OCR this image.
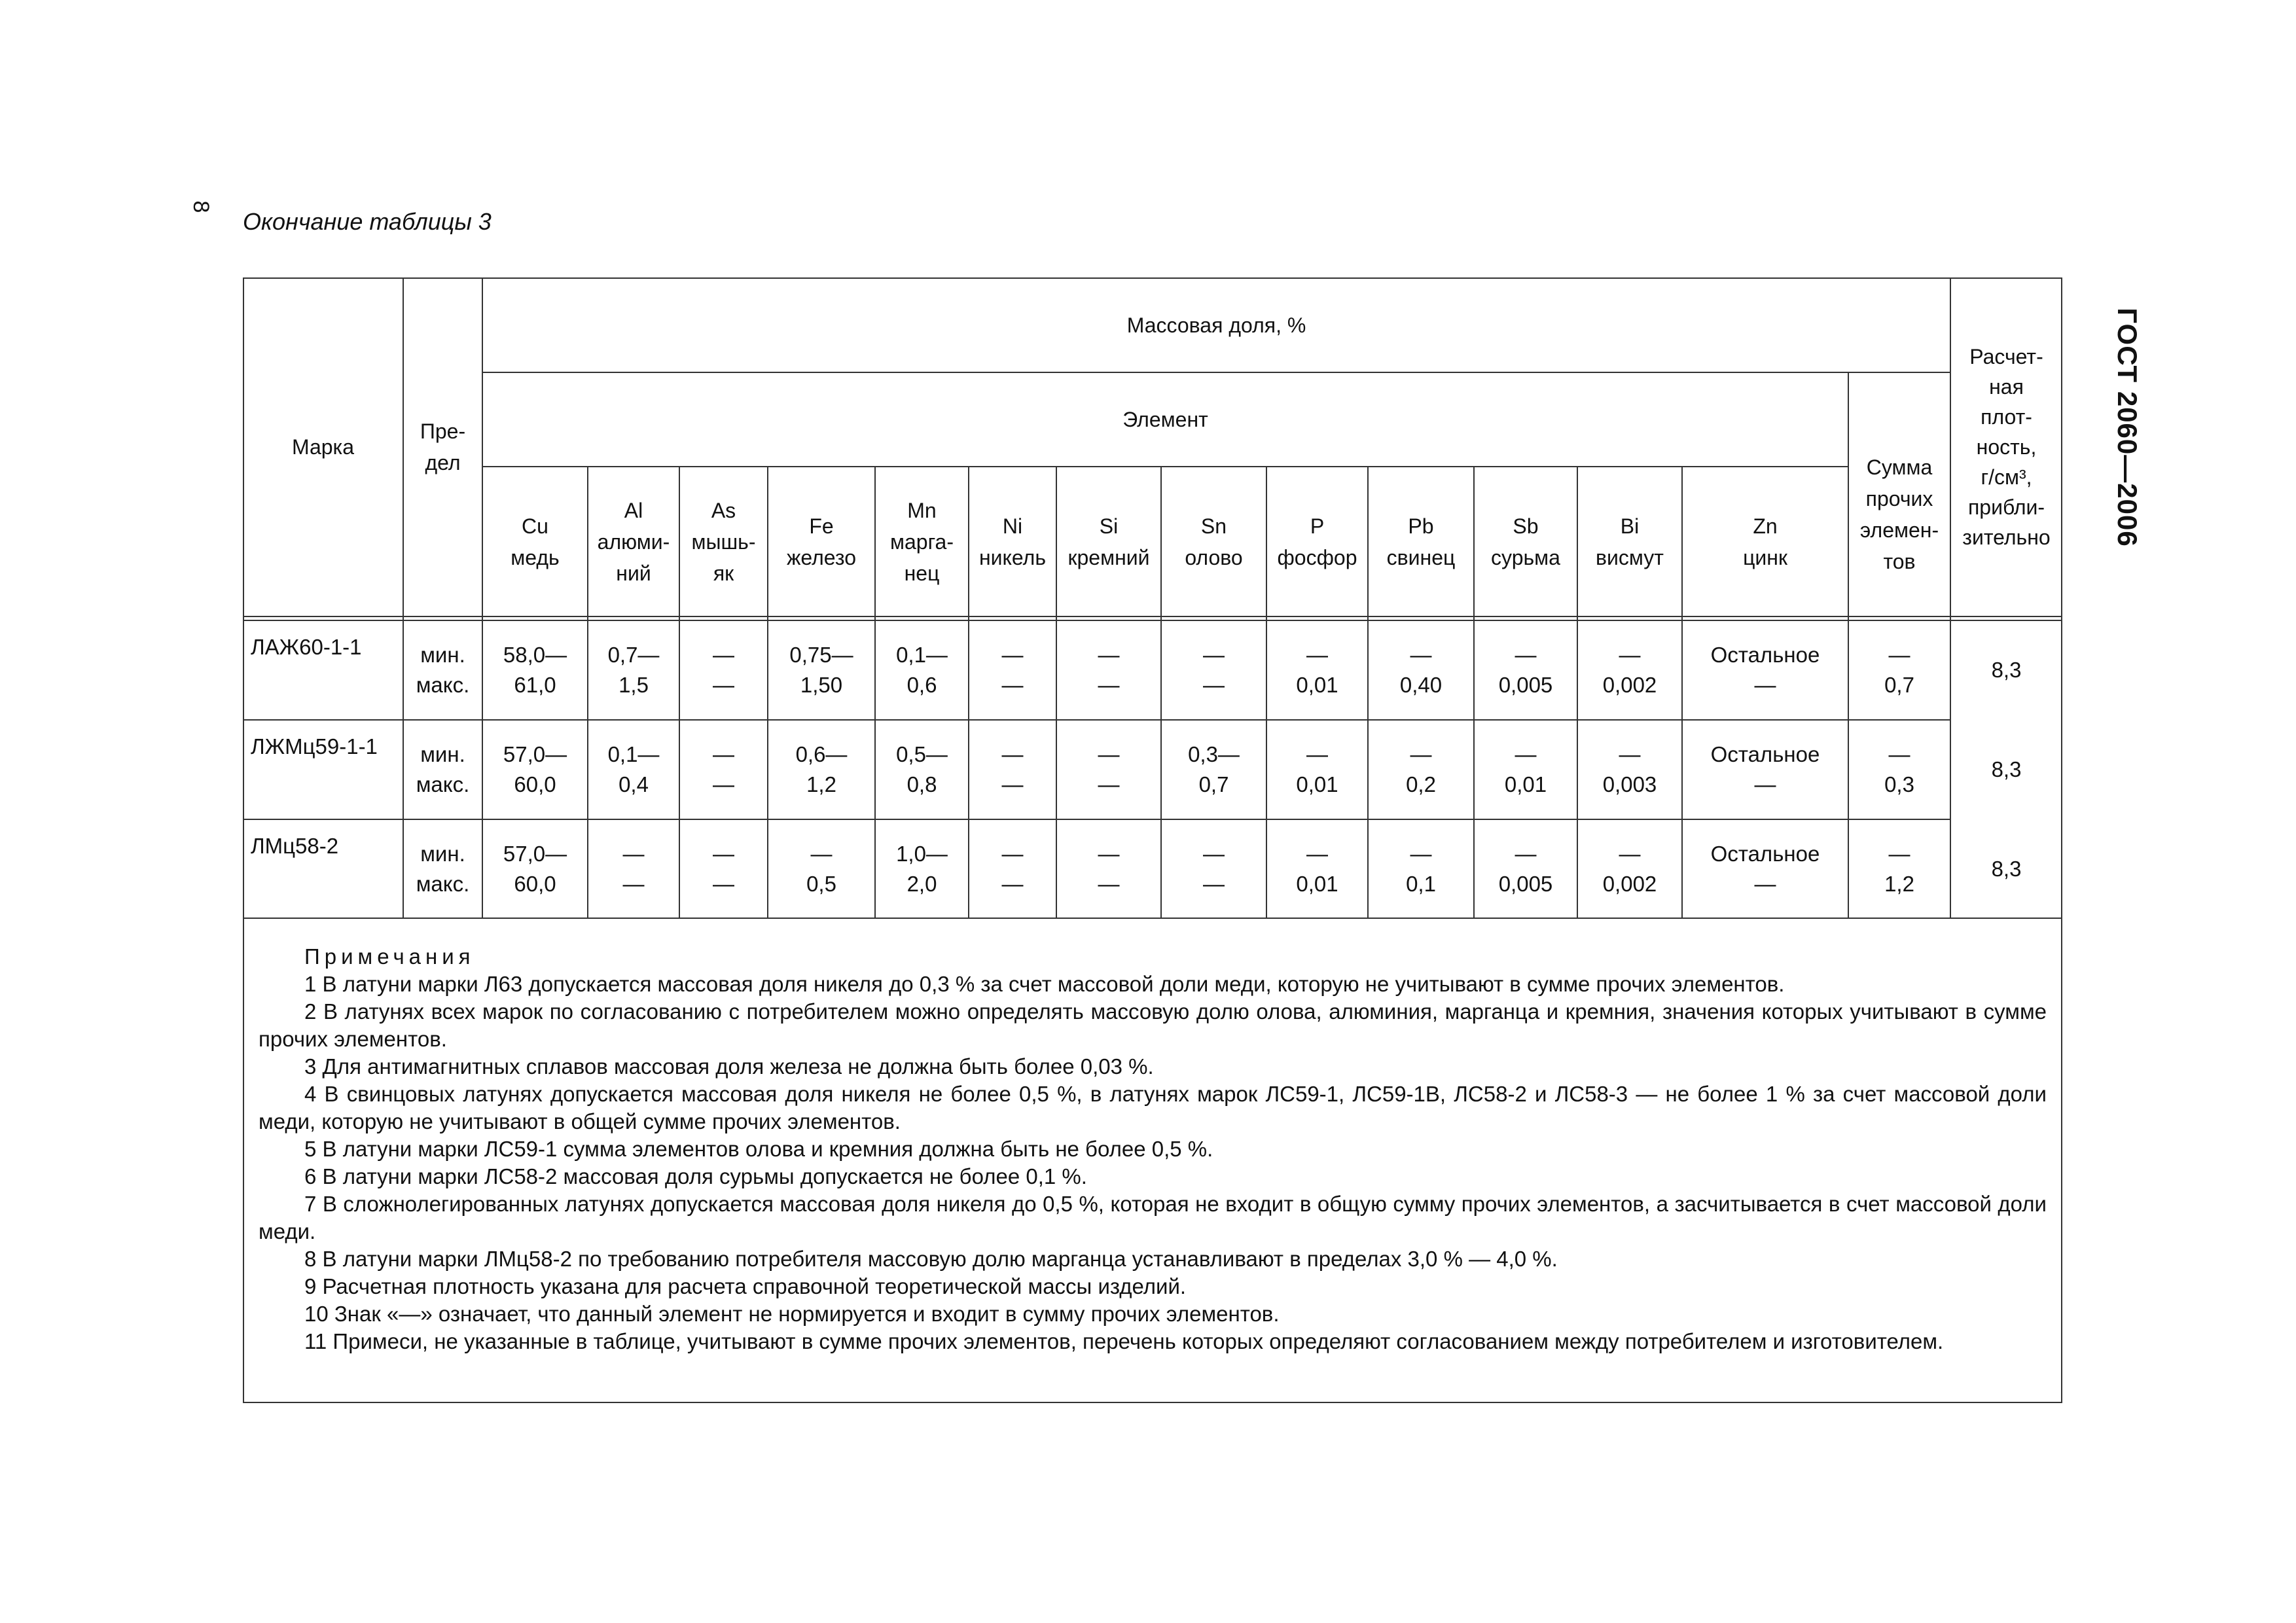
8
ГОСТ 2060—2006
Окончание таблицы 3
Марка
Пре-
дел
Массовая доля, %
Элемент
Сумма
прочих
элемен-
тов
Расчет-
ная
плот-
ность,
г/см³,
прибли-
зительно
Примечания

1 В латуни марки Л63 допускается массовая доля никеля до 0,3 % за счет массовой доли меди, которую не учитывают в сумме прочих элементов.

2 В латунях всех марок по согласованию с потребителем можно определять массовую долю олова, алюминия, марганца и кремния, значения которых учитывают в сумме прочих элементов.

3 Для антимагнитных сплавов массовая доля железа не должна быть более 0,03 %.

4 В свинцовых латунях допускается массовая доля никеля не более 0,5 %, в латунях марок ЛС59-1, ЛС59-1В, ЛС58-2 и ЛС58-3 — не более 1 % за счет массовой доли меди, которую не учитывают в общей сумме прочих элементов.

5 В латуни марки ЛС59-1 сумма элементов олова и кремния должна быть не более 0,5 %.

6 В латуни марки ЛС58-2 массовая доля сурьмы допускается не более 0,1 %.

7 В сложнолегированных латунях допускается массовая доля никеля до 0,5 %, которая не входит в общую сумму прочих элементов, а засчитывается в счет массовой доли меди.

8 В латуни марки ЛМц58-2 по требованию потребителя массовую долю марганца устанавливают в пределах 3,0 % — 4,0 %.

9 Расчетная плотность указана для расчета справочной теоретической массы изделий.

10 Знак «—» означает, что данный элемент не нормируется и входит в сумму прочих элементов.

11 Примеси, не указанные в таблице, учитывают в сумме прочих элементов, перечень которых определяют согласованием между потребителем и изготовителем.

Cu
медь
Al
алюми-
ний
As
мышь-
як
Fe
железо
Mn
марга-
нец
Ni
никель
Si
кремний
Sn
олово
P
фосфор
Pb
свинец
Sb
сурьма
Bi
висмут
Zn
цинк
ЛАЖ60-1-1	мин.
макс.
58,0—
61,0
0,7—
1,5
—
—
0,75—
1,50
0,1—
0,6
—
—
—
—
—
—
—
0,01
—
0,40
—
0,005
—
0,002
Остальное
—
—
0,7
8,3
ЛЖМц59-1-1 мин.
макс.
57,0—
60,0
0,1—
0,4
—
—
0,6—
1,2
0,5—
0,8
—
—
—
—
0,3—
0,7
—
0,01
—
0,2
—
0,01
—
0,003
Остальное
—
—
0,3
8,3
ЛМц58-2	мин.
макс.
57,0—
60,0
—
—
—
—
—
0,5
1,0—
2,0
—
—
—
—
—
—
—
0,01
—
0,1
—
0,005
—
0,002
Остальное
—
—
1,2
8,3
